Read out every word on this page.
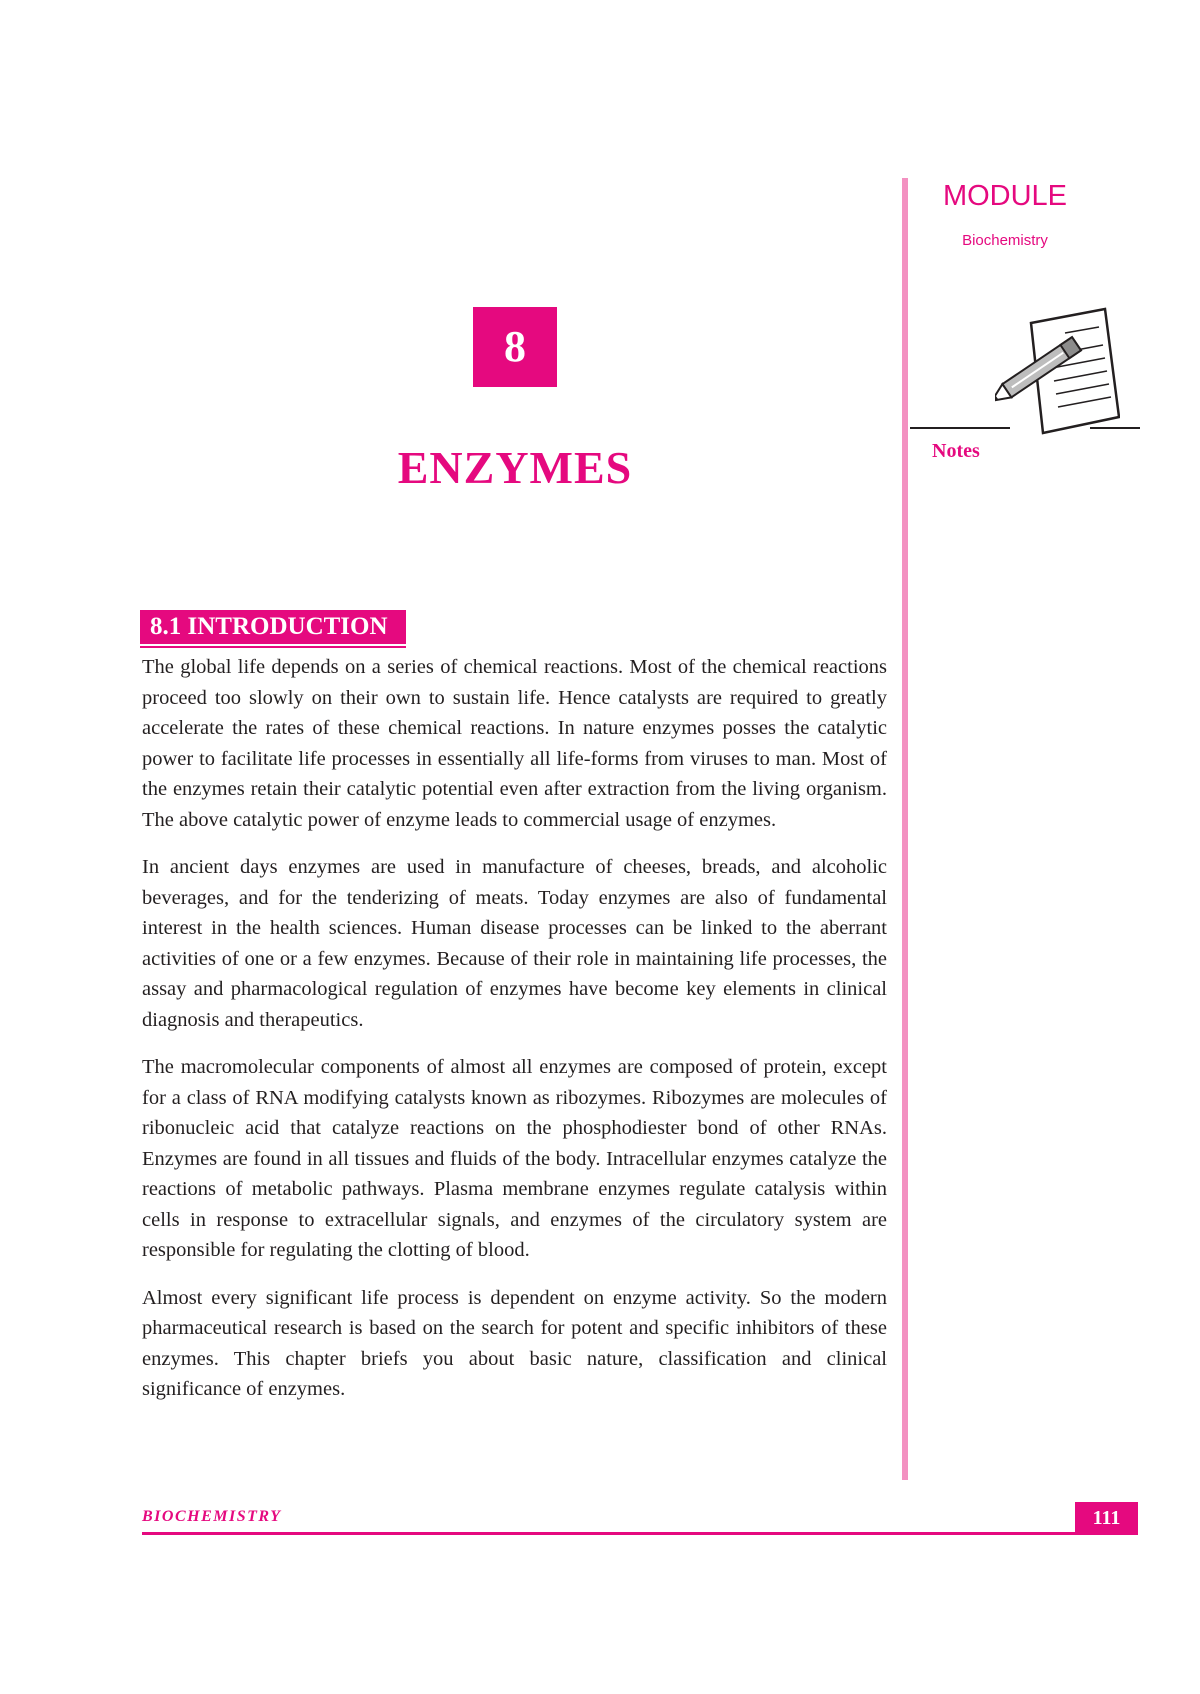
8
ENZYMES
8.1 INTRODUCTION

The global life depends on a series of chemical reactions. Most of the chemical reactions proceed too slowly on their own to sustain life. Hence catalysts are required to greatly accelerate the rates of these chemical reactions. In nature enzymes posses the catalytic power to facilitate life processes in essentially all life-forms from viruses to man. Most of the enzymes retain their catalytic potential even after extraction from the living organism. The above catalytic power of enzyme leads to commercial usage of enzymes.

In ancient days enzymes are used in manufacture of cheeses, breads, and alcoholic beverages, and for the tenderizing of meats. Today enzymes are also of fundamental interest in the health sciences. Human disease processes can be linked to the aberrant activities of one or a few enzymes. Because of their role in maintaining life processes, the assay and pharmacological regulation of enzymes have become key elements in clinical diagnosis and therapeutics.

The macromolecular components of almost all enzymes are composed of protein, except for a class of RNA modifying catalysts known as ribozymes. Ribozymes are molecules of ribonucleic acid that catalyze reactions on the phosphodiester bond of other RNAs. Enzymes are found in all tissues and fluids of the body. Intracellular enzymes catalyze the reactions of metabolic pathways. Plasma membrane enzymes regulate catalysis within cells in response to extracellular signals, and enzymes of the circulatory system are responsible for regulating the clotting of blood.

Almost every significant life process is dependent on enzyme activity. So the modern pharmaceutical research is based on the search for potent and specific inhibitors of these enzymes. This chapter briefs you about basic nature, classification and clinical significance of enzymes.

MODULE
Biochemistry
Notes
BIOCHEMISTRY	111
